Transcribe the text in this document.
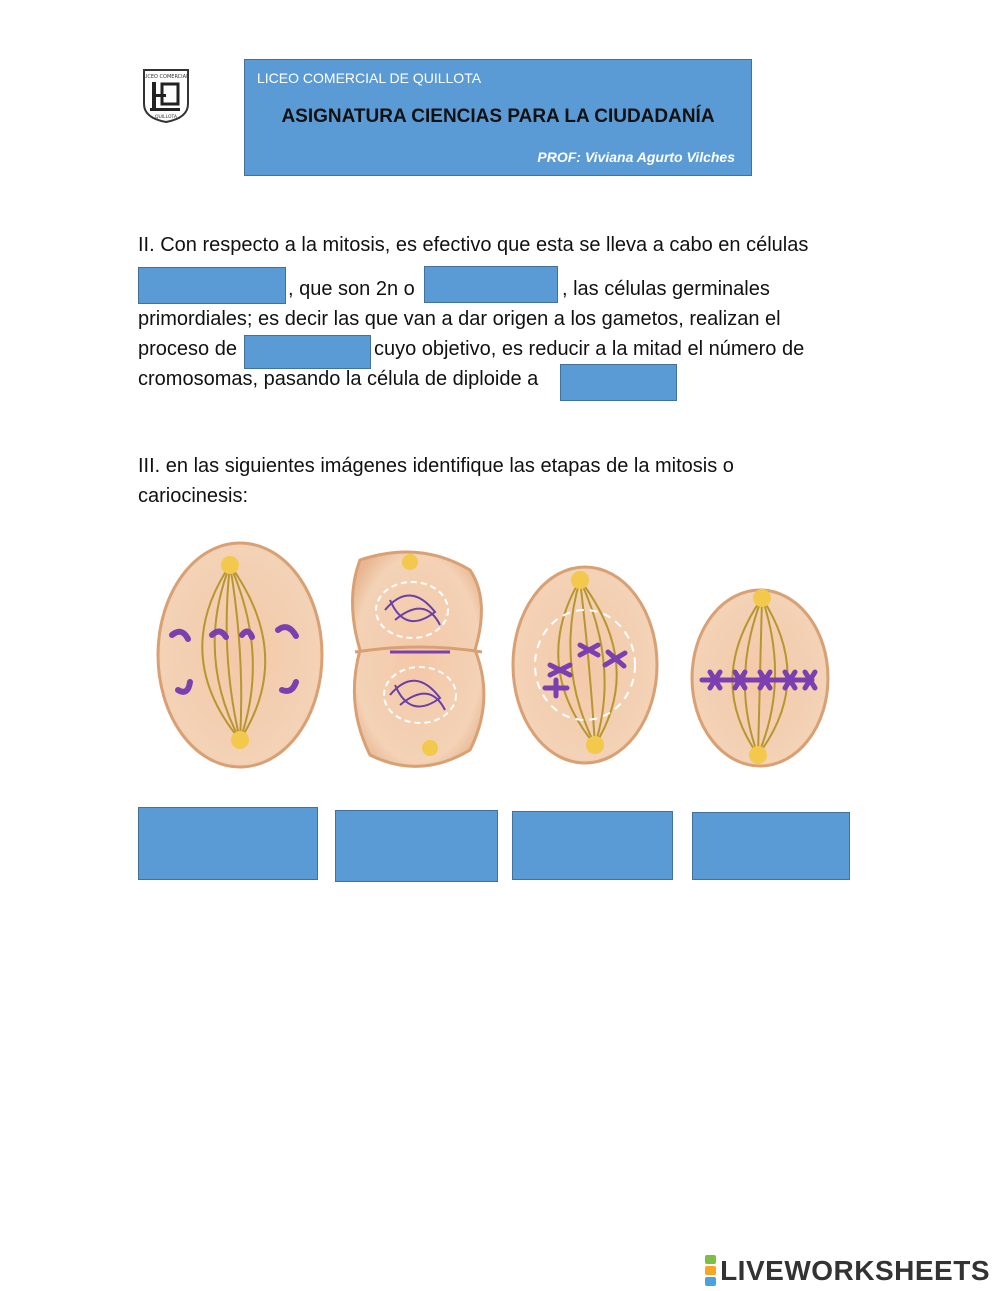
LICEO COMERCIAL
QUILLOTA
LICEO COMERCIAL DE QUILLOTA
ASIGNATURA CIENCIAS PARA LA CIUDADANÍA
PROF: Viviana Agurto Vilches
II. Con respecto a la mitosis, es efectivo que esta se lleva a cabo en células
, que son 2n o	, las células germinales
primordiales; es decir las que van a dar origen a los gametos, realizan el
proceso de	cuyo objetivo, es reducir a la mitad el número de
cromosomas, pasando la célula de diploide a
III. en las siguientes imágenes identifique las etapas de la mitosis o
cariocinesis:
LIVEWORKSHEETS
